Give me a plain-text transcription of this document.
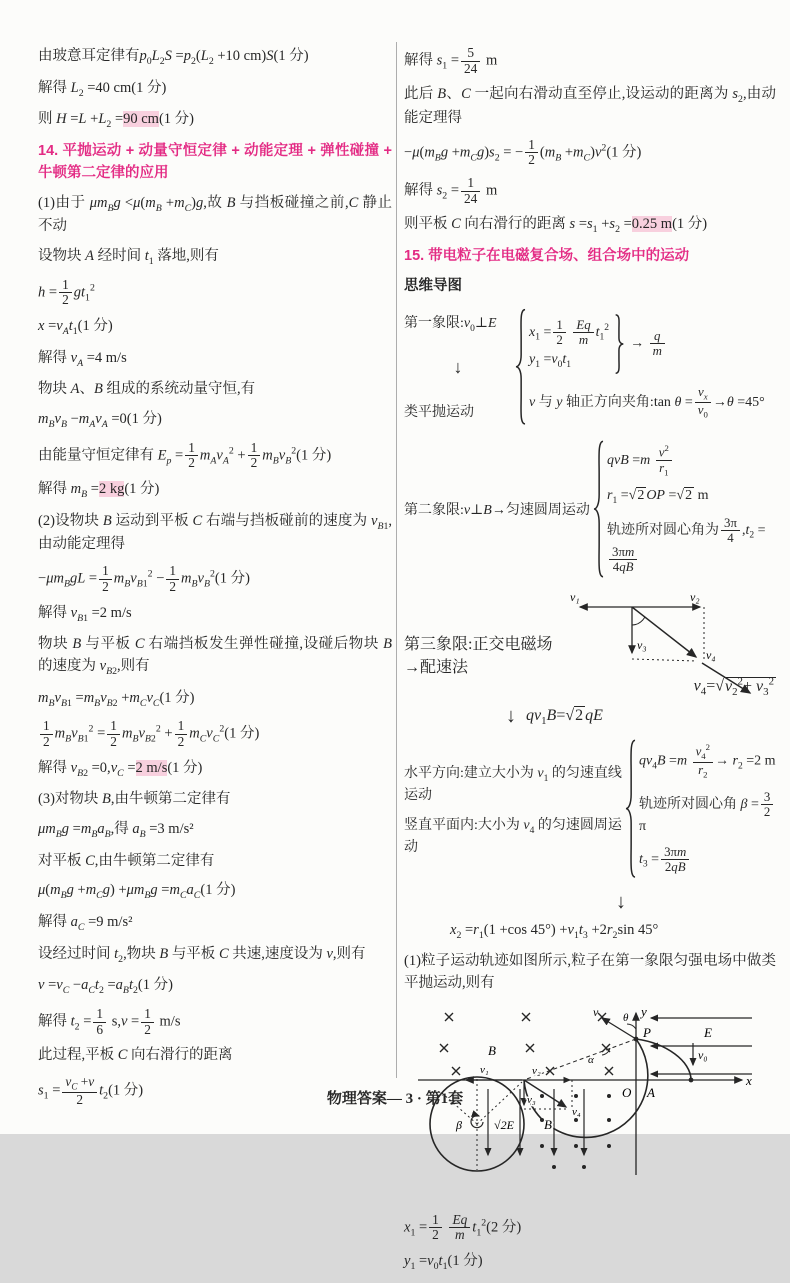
由玻意耳定律有$p_0L_2S =p_2(L_2 +10$ cm)S(1 分)
解得 $L_2 =40$ cm(1 分)
则 $H =L +L_2 =90$ cm(1 分)
14. 平抛运动 + 动量守恒定律 + 动能定理 + 弹性碰撞 + 牛顿第二定律的应用
(1)由于 $\mu m_Bg <\mu(m_B +m_C)g$,故 B 与挡板碰撞之前,C 静止不动
设物块 A 经时间 $t_1$ 落地,则有
$h = \frac{1}{2} gt_1^2$
$x =v_At_1(1$ 分)
解得 $v_A =4$ m/s
物块 A、B 组成的系统动量守恒,有
$m_Bv_B -m_Av_A =0(1$ 分)
由能量守恒定律有 $E_p = \frac{1}{2} m_Av_A^2 + \frac{1}{2} m_Bv_B^2(1$ 分)
解得 $m_B =2$ kg(1 分)
(2)设物块 B 运动到平板 C 右端与挡板碰前的速度为 $v_{B1}$,由动能定理得
$-\mu m_BgL = \frac{1}{2} m_Bv_{B1}^2 - \frac{1}{2} m_Bv_B^2(1$ 分)
解得 $v_{B1} =2$ m/s
物块 B 与平板 C 右端挡板发生弹性碰撞,设碰后物块 B 的速度为 $v_{B2}$,则有
$m_Bv_{B1} =m_Bv_{B2} +m_Cv_C(1$ 分)
$\frac{1}{2} m_Bv_{B1}^2 = \frac{1}{2} m_Bv_{B2}^2 + \frac{1}{2} m_Cv_C^2(1$ 分)
解得 $v_{B2} =0,v_C =2$ m/s(1 分)
(3)对物块 B,由牛顿第二定律有
$\mu m_Bg =m_Ba_B$,得 $a_B =3$ m/s²
对平板 C,由牛顿第二定律有
$\mu(m_Bg +m_Cg) +\mu m_Bg =m_Ca_C(1$ 分)
解得 $a_C =9$ m/s²
设经过时间 $t_2$,物块 B 与平板 C 共速,速度设为 v,则有
$v =v_C -a_Ct_2 =a_Bt_2(1$ 分)
解得 $t_2 = \frac{1}{6} s,v = \frac{1}{2} m/s$
此过程,平板 C 向右滑行的距离
$s_1 = \frac{v_C +v}{2} t_2(1$ 分)
解得 $s_1 = \frac{5}{24}$ m
此后 B、C 一起向右滑动直至停止,设运动的距离为 $s_2$,由动能定理得
$-\mu(m_Bg +m_Cg)s_2$ = − $\frac{1}{2} (m_B +m_C)v^2(1$ 分)
解得 $s_2 = \frac{1}{24}$ m
则平板 C 向右滑行的距离 $s =s_1 +s_2 =0.25$ m(1 分)
15. 带电粒子在电磁复合场、组合场中的运动
思维导图
第一象限$:v_0\perp E$
↓
类平抛运动
$x_1 = \frac{1}{2}$
$\frac{Eq}{m} t_1^2$
$y_1 =v_0t_1$
→ $\frac{q}{m}$
v 与 y 轴正方向夹角:tan $\theta = \frac{v_x}{v_0} \to\theta =45^\circ$
第二象限:v⊥B→匀速圆周运动
qvB $=m \frac{v^2}{r_1}$
$r_1 =√2$ OP =√2 m
轨迹所对圆心角为 $\frac{3\pi}{4} ,t_2$ =
$\frac{3\pi m}{4qB}$
第三象限:正交电磁场→配速法
v₁	v₂
v₃
v₄
↓ $qv_1B=√2$ qE
$v_4=√v_2^2+ v_3^2$
水平方向:建立大小为 $v_1$ 的匀速直线运动
竖直平面内:大小为 $v_4$ 的匀速圆周运动
$qv_4B =m \frac{v_4^2}{r_2} \to r_2 =2$ m
轨迹所对圆心角 $\beta = \frac{3}{2}$
π
$t_3 = \frac{3\pi m}{2qB}$
↓
$x_2 =r_1(1 +\cos$ $45^\circ) +v_1t_3 +2r_2\sin$ 45°
(1)粒子运动轨迹如图所示,粒子在第一象限匀强电场中做类平抛运动,则有
x
y
E
v₀
A
O
P
v θ
α
B
√2E B
v₁	v₂
v₃
v₄
β
$x_1 = \frac{1}{2}$
$\frac{Eq}{m} t_1^2(2$ 分)
$y_1 =v_0t_1(1$ 分)
物理答案— 3 · 第1套
